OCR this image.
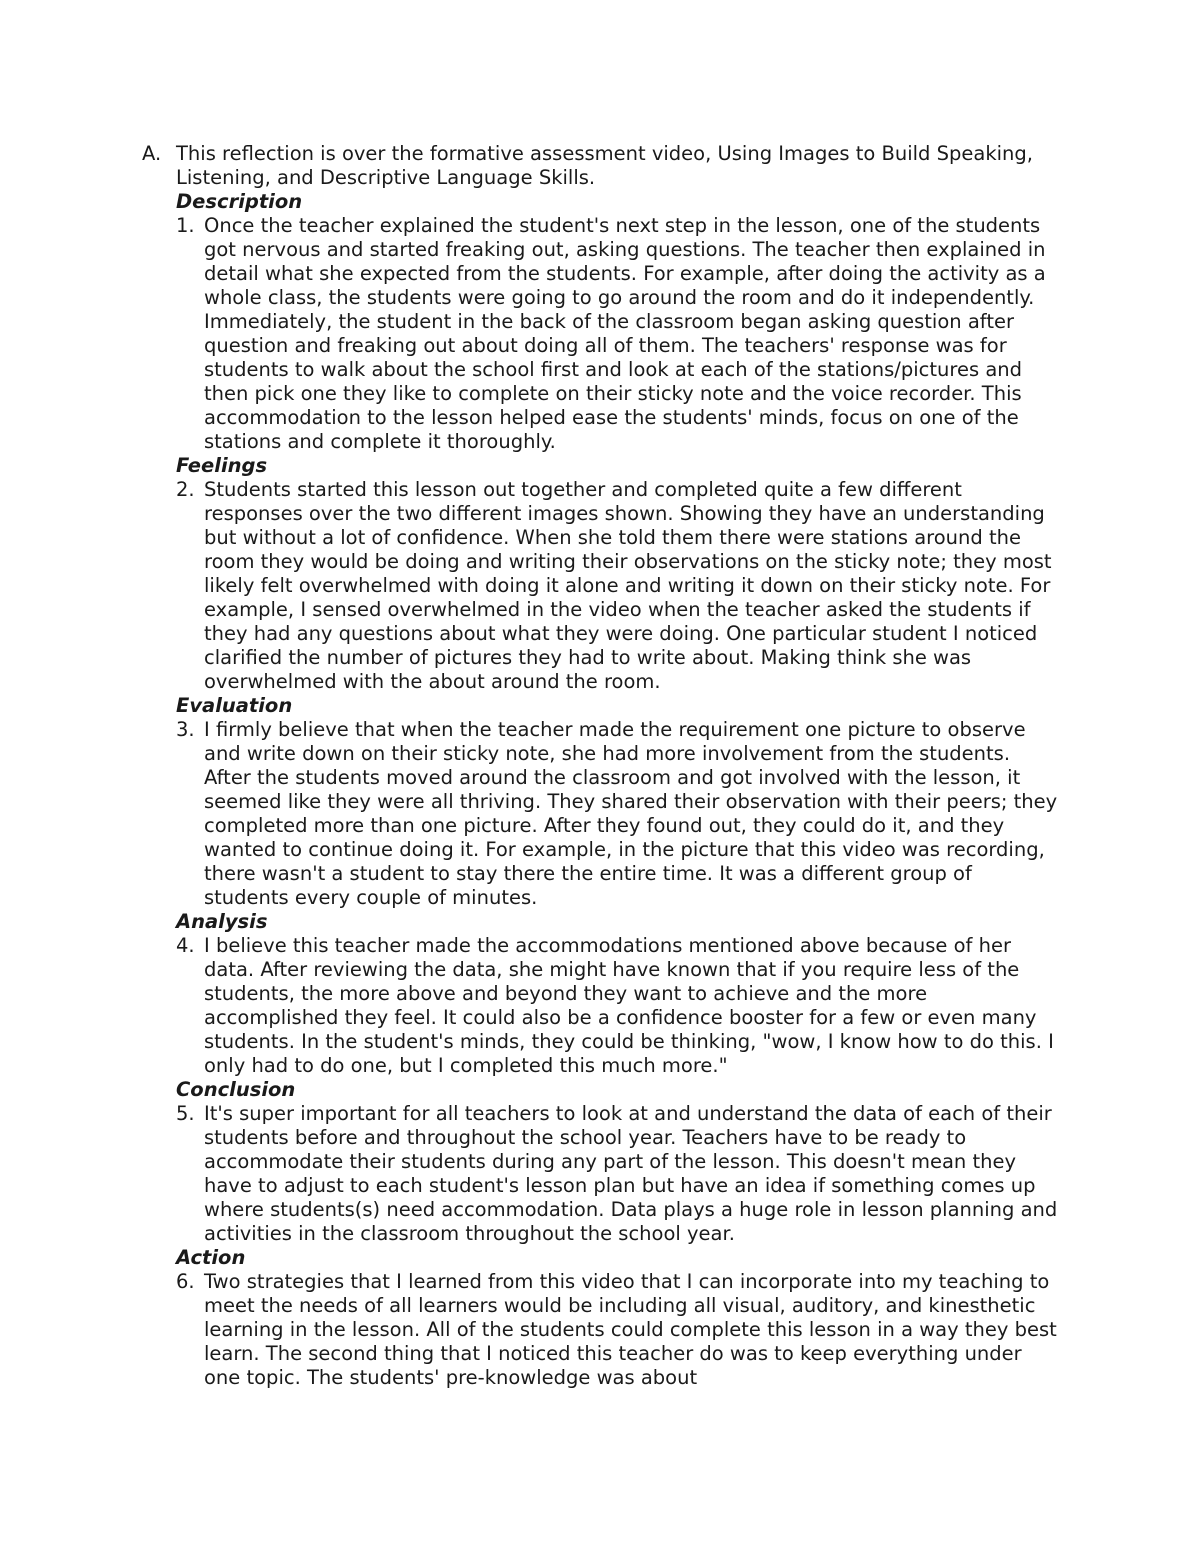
A. This reflection is over the formative assessment video, Using Images to Build Speaking, Listening, and Descriptive Language Skills.

Description

1. Once the teacher explained the student's next step in the lesson, one of the students got nervous and started freaking out, asking questions. The teacher then explained in detail what she expected from the students. For example, after doing the activity as a whole class, the students were going to go around the room and do it independently. Immediately, the student in the back of the classroom began asking question after question and freaking out about doing all of them. The teachers' response was for students to walk about the school first and look at each of the stations/pictures and then pick one they like to complete on their sticky note and the voice recorder. This accommodation to the lesson helped ease the students' minds, focus on one of the stations and complete it thoroughly.

Feelings

2. Students started this lesson out together and completed quite a few different responses over the two different images shown. Showing they have an understanding but without a lot of confidence. When she told them there were stations around the room they would be doing and writing their observations on the sticky note; they most likely felt overwhelmed with doing it alone and writing it down on their sticky note. For example, I sensed overwhelmed in the video when the teacher asked the students if they had any questions about what they were doing. One particular student I noticed clarified the number of pictures they had to write about. Making think she was overwhelmed with the about around the room.

Evaluation

3. I firmly believe that when the teacher made the requirement one picture to observe and write down on their sticky note, she had more involvement from the students. After the students moved around the classroom and got involved with the lesson, it seemed like they were all thriving. They shared their observation with their peers; they completed more than one picture. After they found out, they could do it, and they wanted to continue doing it. For example, in the picture that this video was recording, there wasn't a student to stay there the entire time. It was a different group of students every couple of minutes.

Analysis

4. I believe this teacher made the accommodations mentioned above because of her data. After reviewing the data, she might have known that if you require less of the students, the more above and beyond they want to achieve and the more accomplished they feel. It could also be a confidence booster for a few or even many students. In the student's minds, they could be thinking, "wow, I know how to do this. I only had to do one, but I completed this much more."

Conclusion

5. It's super important for all teachers to look at and understand the data of each of their students before and throughout the school year. Teachers have to be ready to accommodate their students during any part of the lesson. This doesn't mean they have to adjust to each student's lesson plan but have an idea if something comes up where students(s) need accommodation. Data plays a huge role in lesson planning and activities in the classroom throughout the school year.

Action

6. Two strategies that I learned from this video that I can incorporate into my teaching to meet the needs of all learners would be including all visual, auditory, and kinesthetic learning in the lesson. All of the students could complete this lesson in a way they best learn. The second thing that I noticed this teacher do was to keep everything under one topic. The students' pre-knowledge was about
